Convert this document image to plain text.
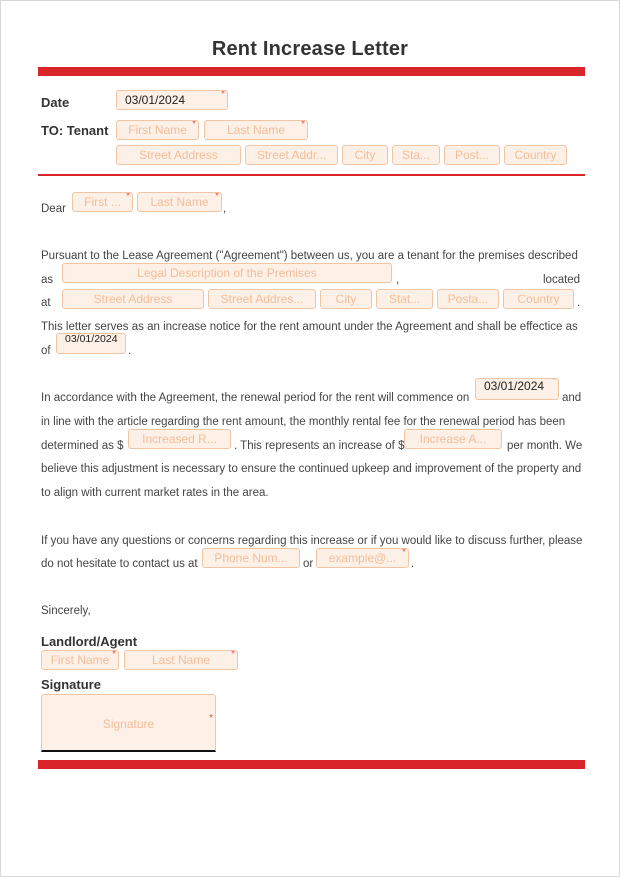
Rent Increase Letter
Date	03/01/2024 *
TO: Tenant	First Name *	Last Name *
Street Address	Street Addr...	City	Sta...	Post...	Country
Dear	First ... *	Last Name *	,
Pursuant to the Lease Agreement ("Agreement") between us, you are a tenant for the premises described
as	Legal Description of the Premises	,	located
at	Street Address	Street Addres...	City	Stat...	Posta...	Country	.
This letter serves as an increase notice for the rent amount under the Agreement and shall be effectice as
of
03/01/2024 *
.
In accordance with the Agreement, the renewal period for the rent will commence on
03/01/2024 *
and
in line with the article regarding the rent amount, the monthly rental fee for the renewal period has been
determined as $	Increased R...	. This represents an increase of $	Increase A...	per month. We
believe this adjustment is necessary to ensure the continued upkeep and improvement of the property and
to align with current market rates in the area.
If you have any questions or concerns regarding this increase or if you would like to discuss further, please
do not hesitate to contact us at	Phone Num...	or	example@... *	.
Sincerely,
Landlord/Agent
First Name *	Last Name *
Signature
Signature *
